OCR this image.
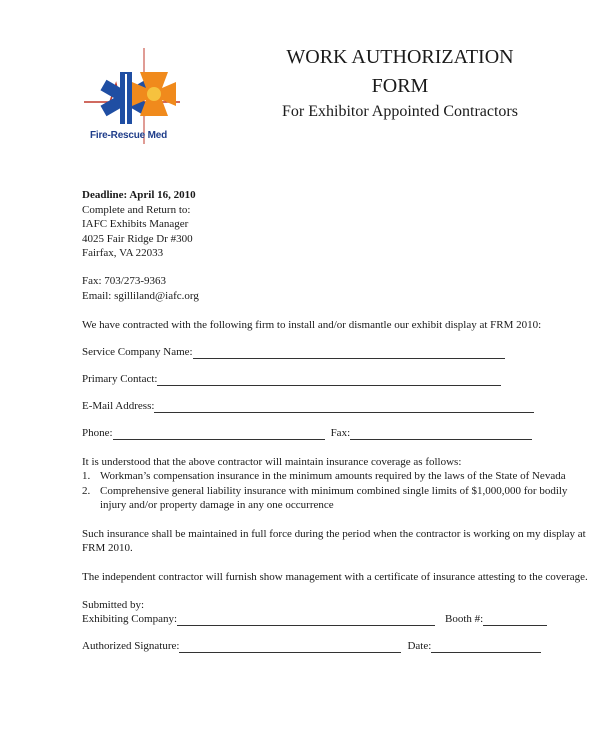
Fire-Rescue Med
WORK AUTHORIZATION
FORM
For Exhibitor Appointed Contractors
Deadline: April 16, 2010
Complete and Return to:
IAFC Exhibits Manager
4025 Fair Ridge Dr #300
Fairfax, VA 22033
Fax: 703/273-9363
Email: sgilliland@iafc.org
We have contracted with the following firm to install and/or dismantle our exhibit display at FRM 2010:
Service Company Name:
Primary Contact:
E-Mail Address:
Phone:	Fax:
It is understood that the above contractor will maintain insurance coverage as follows:
1. Workman’s compensation insurance in the minimum amounts required by the laws of the State of Nevada
2. Comprehensive general liability insurance with minimum combined single limits of $1,000,000 for bodily
injury and/or property damage in any one occurrence
Such insurance shall be maintained in full force during the period when the contractor is working on my display at
FRM 2010.
The independent contractor will furnish show management with a certificate of insurance attesting to the coverage.
Submitted by:
Exhibiting Company:	Booth #:
Authorized Signature:	Date:
